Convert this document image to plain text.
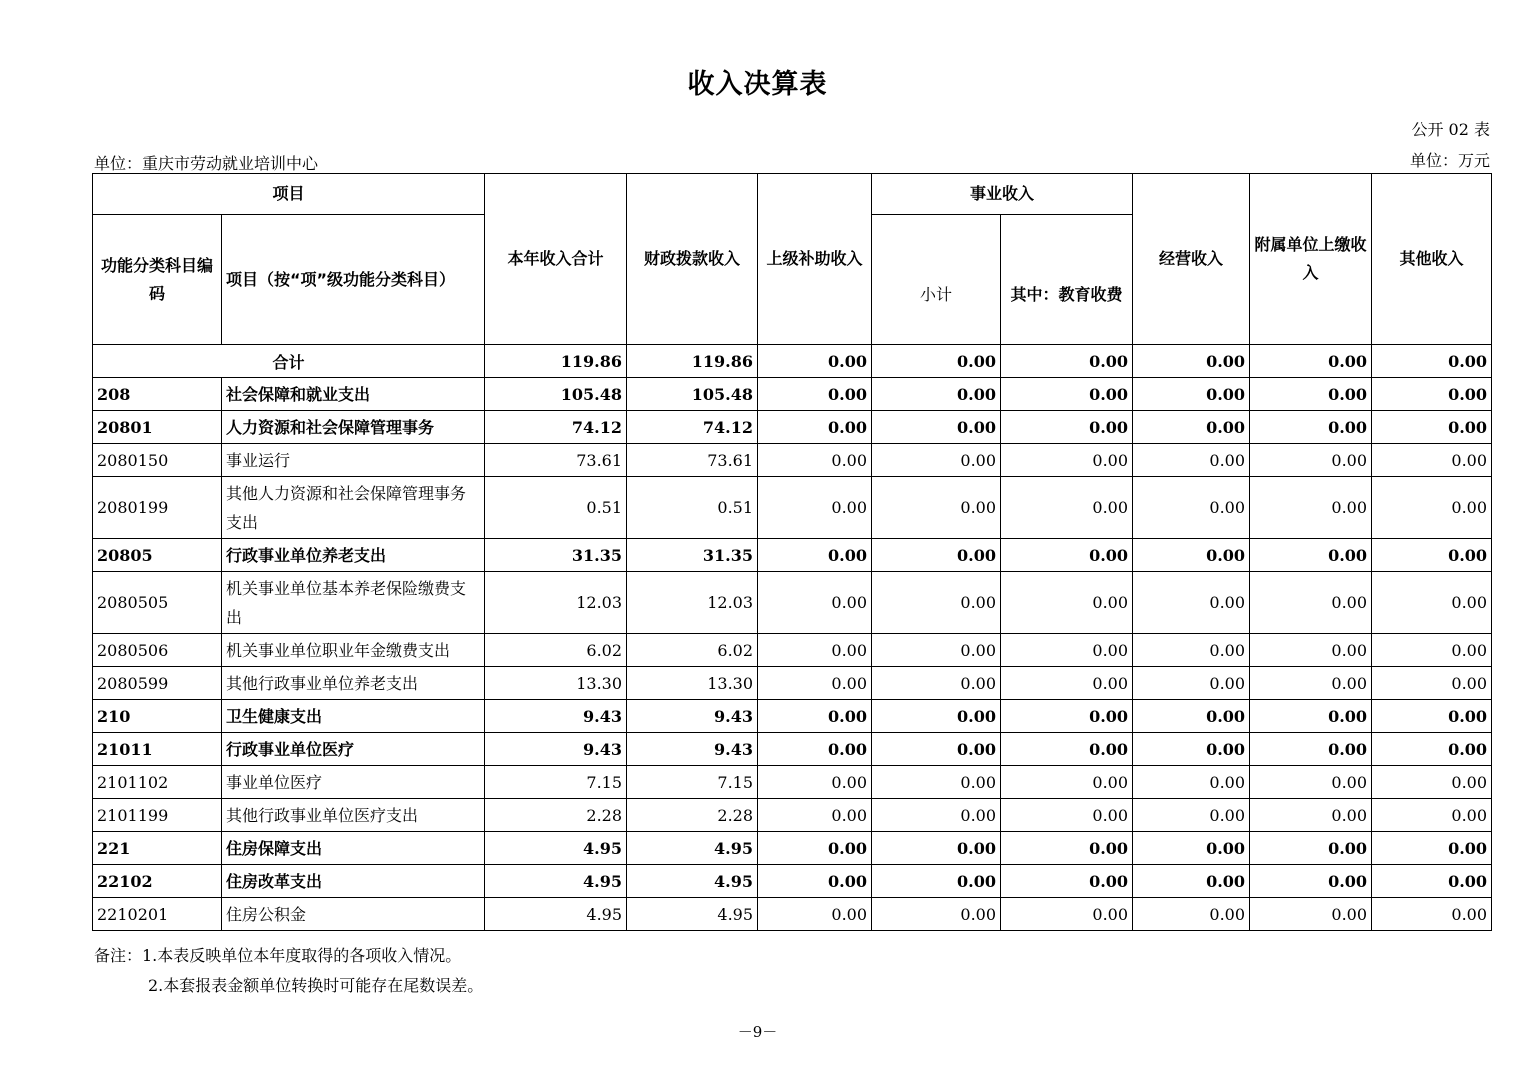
收入决算表
公开 02 表
单位：重庆市劳动就业培训中心	单位：万元
项目		本年收入合计	财政拨款收入	上级补助收入	事业收入		经营收入	附属单位上缴收入	其他收入
功能分类科目编码	项目（按“项”级功能分类科目）				小计	其中：教育收费			
合计		119.86	119.86	0.00	0.00	0.00	0.00	0.00	0.00
208	社会保障和就业支出	105.48	105.48	0.00	0.00	0.00	0.00	0.00	0.00
20801	人力资源和社会保障管理事务	74.12	74.12	0.00	0.00	0.00	0.00	0.00	0.00
2080150	事业运行	73.61	73.61	0.00	0.00	0.00	0.00	0.00	0.00
2080199	其他人力资源和社会保障管理事务支出	0.51	0.51	0.00	0.00	0.00	0.00	0.00	0.00
20805	行政事业单位养老支出	31.35	31.35	0.00	0.00	0.00	0.00	0.00	0.00
2080505	机关事业单位基本养老保险缴费支出	12.03	12.03	0.00	0.00	0.00	0.00	0.00	0.00
2080506	机关事业单位职业年金缴费支出	6.02	6.02	0.00	0.00	0.00	0.00	0.00	0.00
2080599	其他行政事业单位养老支出	13.30	13.30	0.00	0.00	0.00	0.00	0.00	0.00
210	卫生健康支出	9.43	9.43	0.00	0.00	0.00	0.00	0.00	0.00
21011	行政事业单位医疗	9.43	9.43	0.00	0.00	0.00	0.00	0.00	0.00
2101102	事业单位医疗	7.15	7.15	0.00	0.00	0.00	0.00	0.00	0.00
2101199	其他行政事业单位医疗支出	2.28	2.28	0.00	0.00	0.00	0.00	0.00	0.00
221	住房保障支出	4.95	4.95	0.00	0.00	0.00	0.00	0.00	0.00
22102	住房改革支出	4.95	4.95	0.00	0.00	0.00	0.00	0.00	0.00
2210201	住房公积金	4.95	4.95	0.00	0.00	0.00	0.00	0.00	0.00
备注：1.本表反映单位本年度取得的各项收入情况。
2.本套报表金额单位转换时可能存在尾数误差。
－9－
